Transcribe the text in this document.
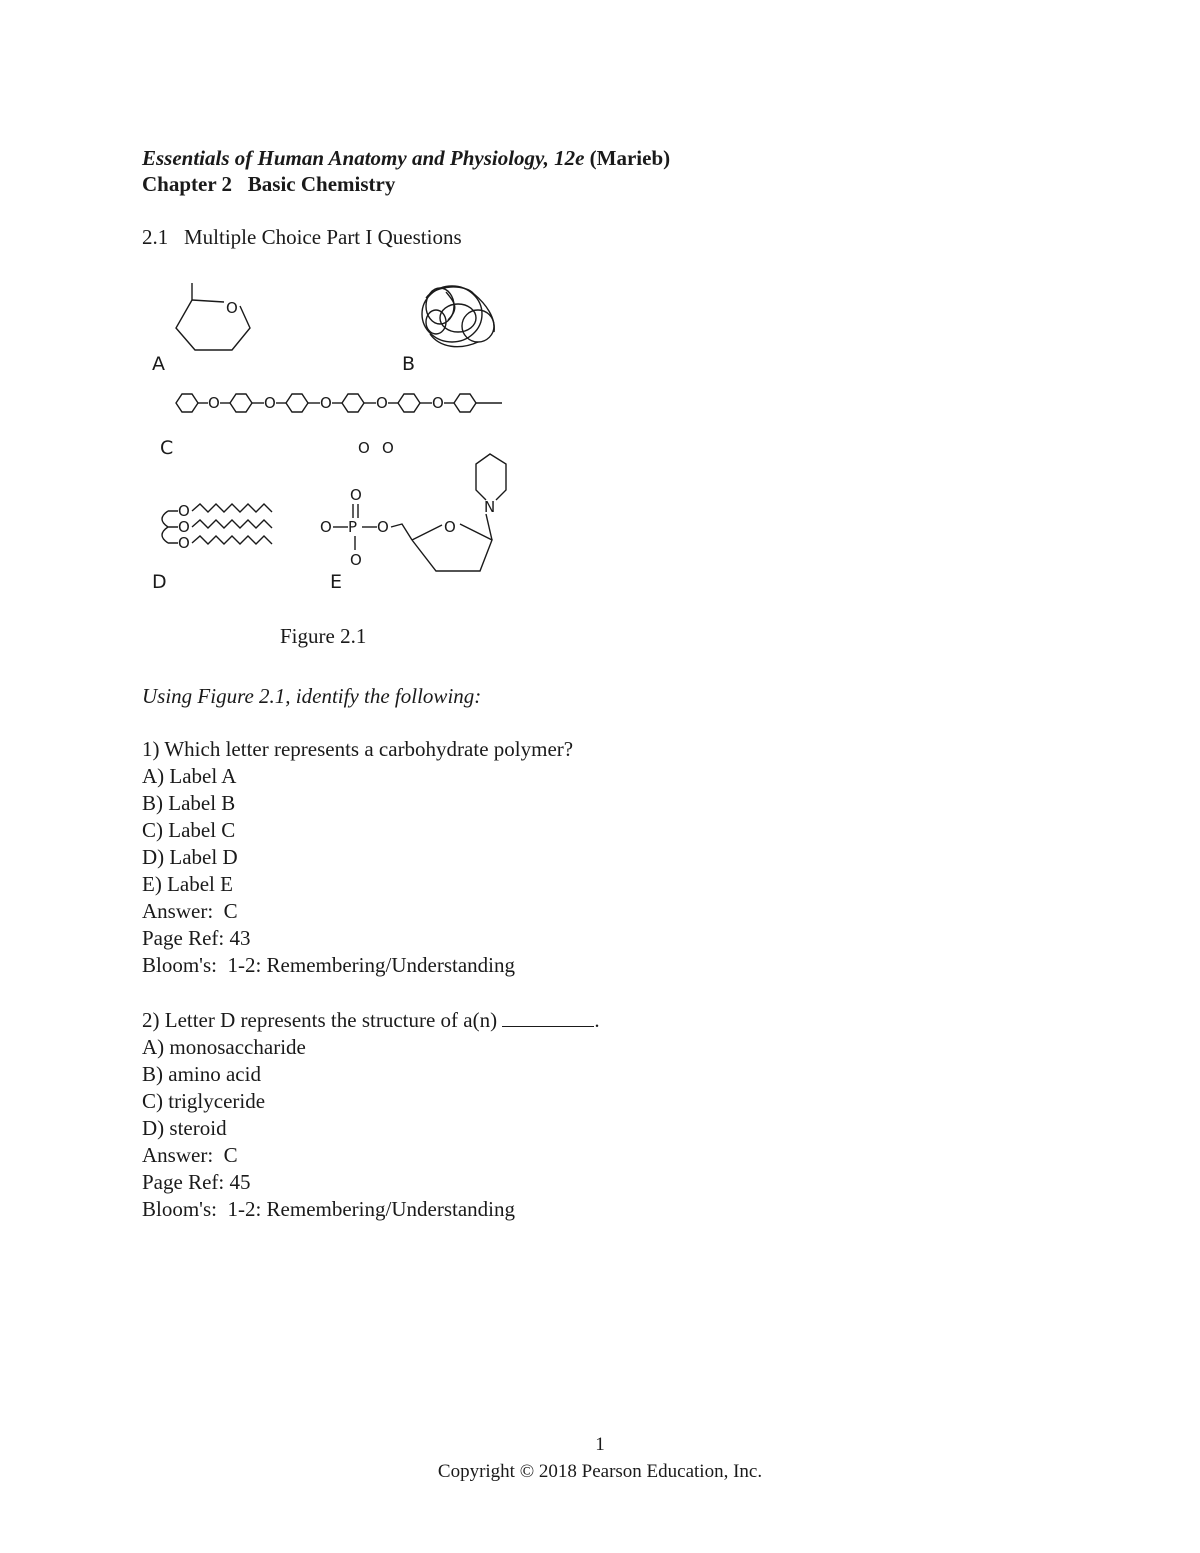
Essentials of Human Anatomy and Physiology, 12e (Marieb)
Chapter 2   Basic Chemistry
2.1   Multiple Choice Part I Questions
O
A	B
O	O	O	O	O
C	O O
O
O
O
D
O
O P O
O
O
N
E
Figure 2.1
Using Figure 2.1, identify the following:
1) Which letter represents a carbohydrate polymer?
A) Label A
B) Label B
C) Label C
D) Label D
E) Label E
Answer:  C
Page Ref: 43
Bloom's:  1-2: Remembering/Understanding
2) Letter D represents the structure of a(n)	.
A) monosaccharide
B) amino acid
C) triglyceride
D) steroid
Answer:  C
Page Ref: 45
Bloom's:  1-2: Remembering/Understanding
1
Copyright © 2018 Pearson Education, Inc.
